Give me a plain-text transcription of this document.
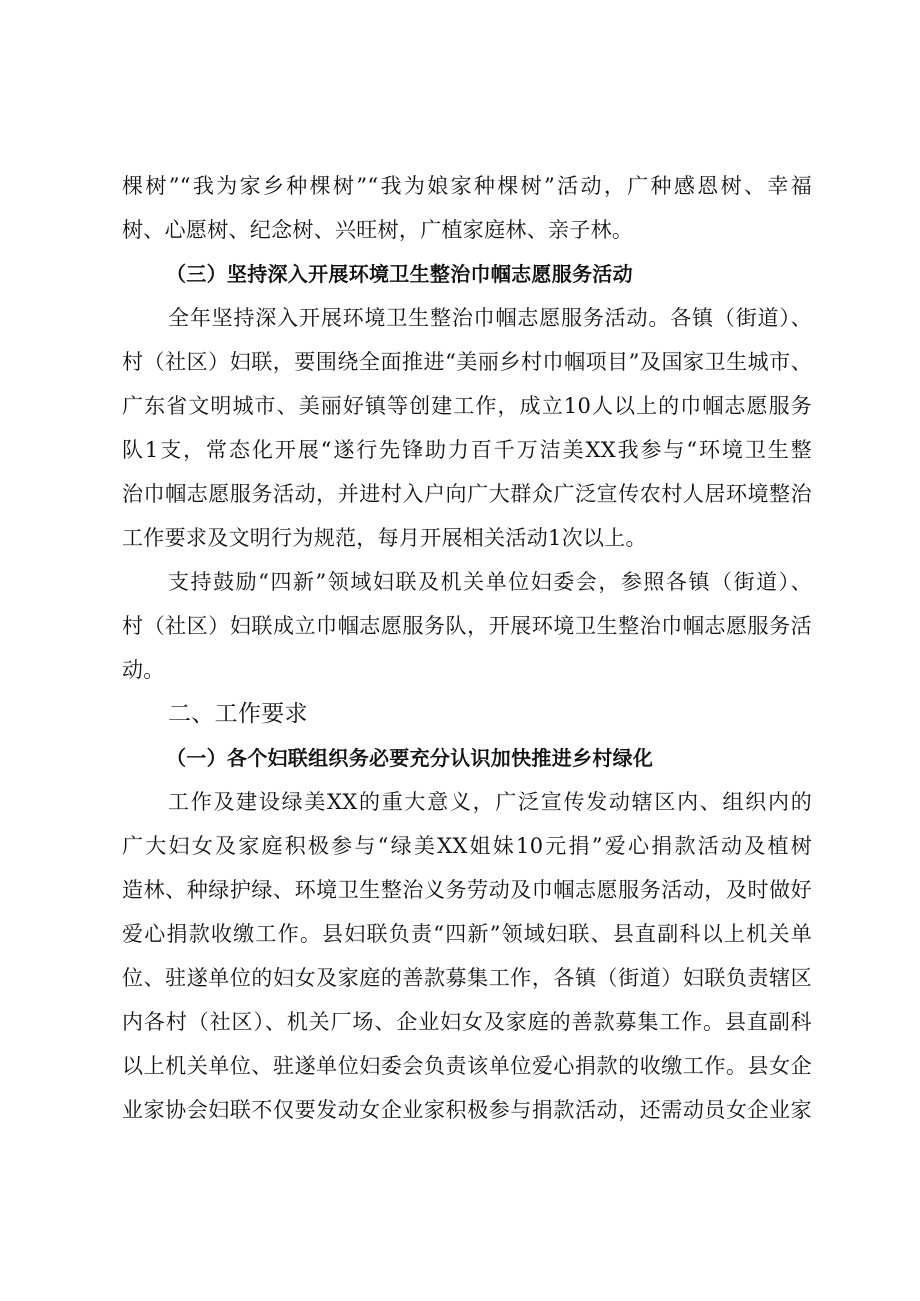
棵树”“我为家乡种棵树”“我为娘家种棵树”活动，广种感恩树、幸福
树、心愿树、纪念树、兴旺树，广植家庭林、亲子林。
（三）坚持深入开展环境卫生整治巾帼志愿服务活动
全年坚持深入开展环境卫生整治巾帼志愿服务活动。各镇（街道）、
村（社区）妇联，要围绕全面推进“美丽乡村巾帼项目”及国家卫生城市、
广东省文明城市、美丽好镇等创建工作，成立10人以上的巾帼志愿服务
队1支，常态化开展“遂行先锋助力百千万洁美XX我参与“环境卫生整
治巾帼志愿服务活动，并进村入户向广大群众广泛宣传农村人居环境整治
工作要求及文明行为规范，每月开展相关活动1次以上。
支持鼓励“四新”领域妇联及机关单位妇委会，参照各镇（街道）、
村（社区）妇联成立巾帼志愿服务队，开展环境卫生整治巾帼志愿服务活
动。
二、工作要求
（一）各个妇联组织务必要充分认识加快推进乡村绿化
工作及建设绿美XX的重大意义，广泛宣传发动辖区内、组织内的
广大妇女及家庭积极参与“绿美XX姐妹10元捐”爱心捐款活动及植树
造林、种绿护绿、环境卫生整治义务劳动及巾帼志愿服务活动，及时做好
爱心捐款收缴工作。县妇联负责“四新”领域妇联、县直副科以上机关单
位、驻遂单位的妇女及家庭的善款募集工作，各镇（街道）妇联负责辖区
内各村（社区）、机关厂场、企业妇女及家庭的善款募集工作。县直副科
以上机关单位、驻遂单位妇委会负责该单位爱心捐款的收缴工作。县女企
业家协会妇联不仅要发动女企业家积极参与捐款活动，还需动员女企业家
